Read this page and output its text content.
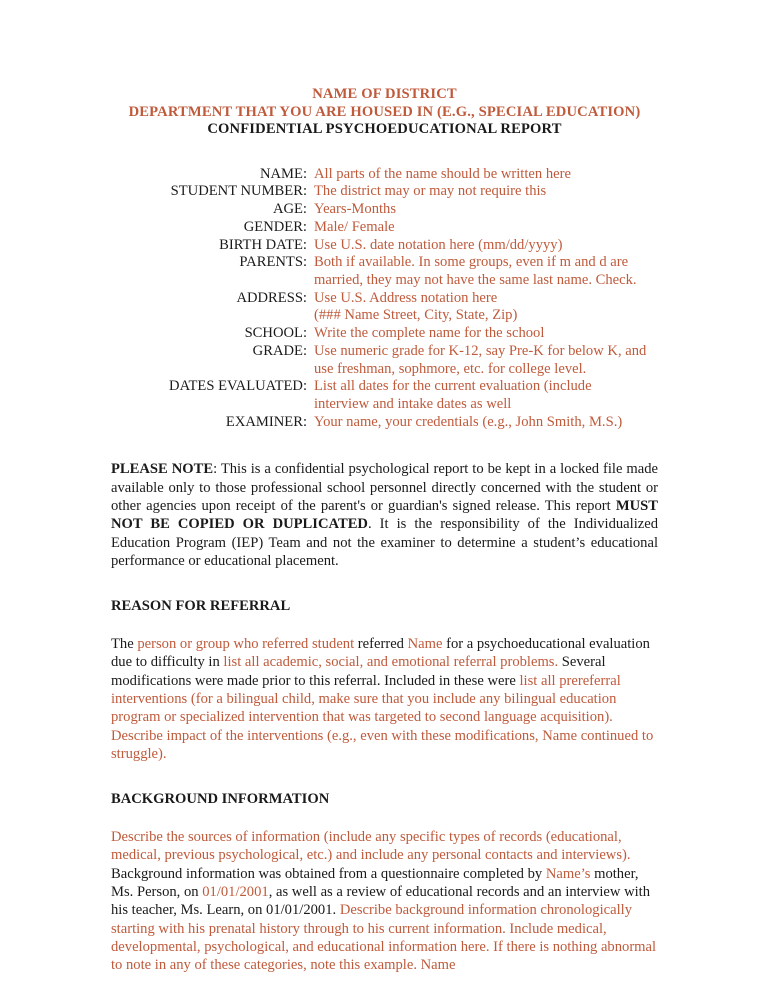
NAME OF DISTRICT
DEPARTMENT THAT YOU ARE HOUSED IN (E.G., SPECIAL EDUCATION)
CONFIDENTIAL PSYCHOEDUCATIONAL REPORT
NAME:	All parts of the name should be written here

STUDENT NUMBER:	The district may or may not require this

AGE:	Years-Months

GENDER:	Male/ Female

BIRTH DATE:	Use U.S. date notation here (mm/dd/yyyy)

PARENTS:	Both if available. In some groups, even if m and d are
married, they may not have the same last name. Check.

ADDRESS:	Use U.S. Address notation here
(### Name Street, City, State, Zip)

SCHOOL:	Write the complete name for the school

GRADE:	Use numeric grade for K-12, say Pre-K for below K, and
use freshman, sophmore, etc. for college level.

DATES EVALUATED:	List all dates for the current evaluation (include
interview and intake dates as well

EXAMINER:	Your name, your credentials (e.g., John Smith, M.S.)

PLEASE NOTE: This is a confidential psychological report to be kept in a locked file made available only to those professional school personnel directly concerned with the student or other agencies upon receipt of the parent's or guardian's signed release. This report MUST NOT BE COPIED OR DUPLICATED. It is the responsibility of the Individualized Education Program (IEP) Team and not the examiner to determine a student’s educational performance or educational placement.

REASON FOR REFERRAL

The person or group who referred student referred Name for a psychoeducational evaluation due to difficulty in list all academic, social, and emotional referral problems. Several modifications were made prior to this referral. Included in these were list all prereferral interventions (for a bilingual child, make sure that you include any bilingual education program or specialized intervention that was targeted to second language acquisition). Describe impact of the interventions (e.g., even with these modifications, Name continued to struggle).

BACKGROUND INFORMATION

Describe the sources of information (include any specific types of records (educational, medical, previous psychological, etc.) and include any personal contacts and interviews). Background information was obtained from a questionnaire completed by Name’s mother, Ms. Person, on 01/01/2001, as well as a review of educational records and an interview with his teacher, Ms. Learn, on 01/01/2001. Describe background information chronologically starting with his prenatal history through to his current information. Include medical, developmental, psychological, and educational information here. If there is nothing abnormal to note in any of these categories, note this example. Name
